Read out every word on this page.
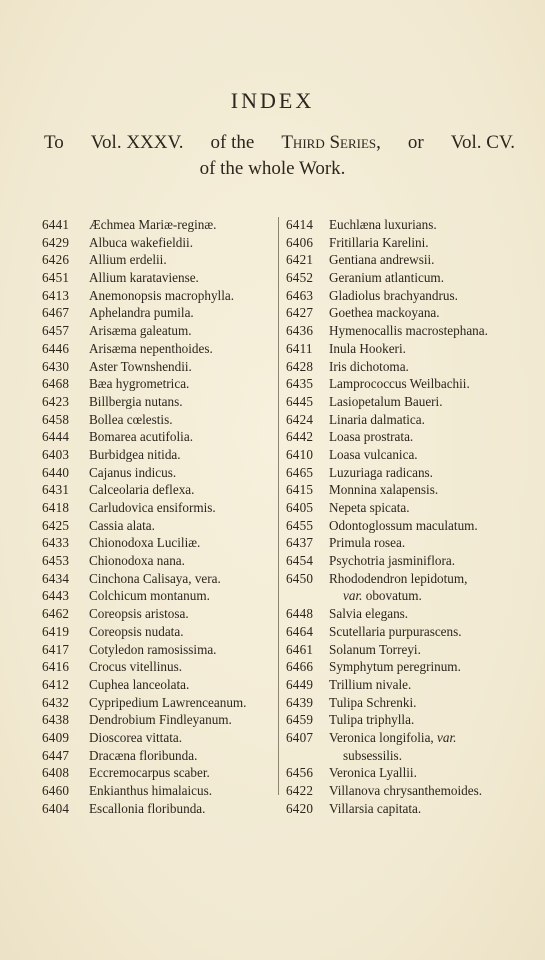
INDEX
To Vol. XXXV. of the Third Series, or Vol. CV.
of the whole Work.
6441	Æchmea Mariæ-reginæ.
6429	Albuca wakefieldii.
6426	Allium erdelii.
6451	Allium karataviense.
6413	Anemonopsis macrophylla.
6467	Aphelandra pumila.
6457	Arisæma galeatum.
6446	Arisæma nepenthoides.
6430	Aster Townshendii.
6468	Bæa hygrometrica.
6423	Billbergia nutans.
6458	Bollea cœlestis.
6444	Bomarea acutifolia.
6403	Burbidgea nitida.
6440	Cajanus indicus.
6431	Calceolaria deflexa.
6418	Carludovica ensiformis.
6425	Cassia alata.
6433	Chionodoxa Luciliæ.
6453	Chionodoxa nana.
6434	Cinchona Calisaya, vera.
6443	Colchicum montanum.
6462	Coreopsis aristosa.
6419	Coreopsis nudata.
6417	Cotyledon ramosissima.
6416	Crocus vitellinus.
6412	Cuphea lanceolata.
6432	Cypripedium Lawrenceanum.
6438	Dendrobium Findleyanum.
6409	Dioscorea vittata.
6447	Dracæna floribunda.
6408	Eccremocarpus scaber.
6460	Enkianthus himalaicus.
6404	Escallonia floribunda.
6414	Euchlæna luxurians.
6406	Fritillaria Karelini.
6421	Gentiana andrewsii.
6452	Geranium atlanticum.
6463	Gladiolus brachyandrus.
6427	Goethea mackoyana.
6436	Hymenocallis macrostephana.
6411	Inula Hookeri.
6428	Iris dichotoma.
6435	Lamprococcus Weilbachii.
6445	Lasiopetalum Baueri.
6424	Linaria dalmatica.
6442	Loasa prostrata.
6410	Loasa vulcanica.
6465	Luzuriaga radicans.
6415	Monnina xalapensis.
6405	Nepeta spicata.
6455	Odontoglossum maculatum.
6437	Primula rosea.
6454	Psychotria jasminiflora.
6450	Rhododendron lepidotum,
var. obovatum.
6448	Salvia elegans.
6464	Scutellaria purpurascens.
6461	Solanum Torreyi.
6466	Symphytum peregrinum.
6449	Trillium nivale.
6439	Tulipa Schrenki.
6459	Tulipa triphylla.
6407	Veronica longifolia, var.
subsessilis.
6456	Veronica Lyallii.
6422	Villanova chrysanthemoides.
6420	Villarsia capitata.
